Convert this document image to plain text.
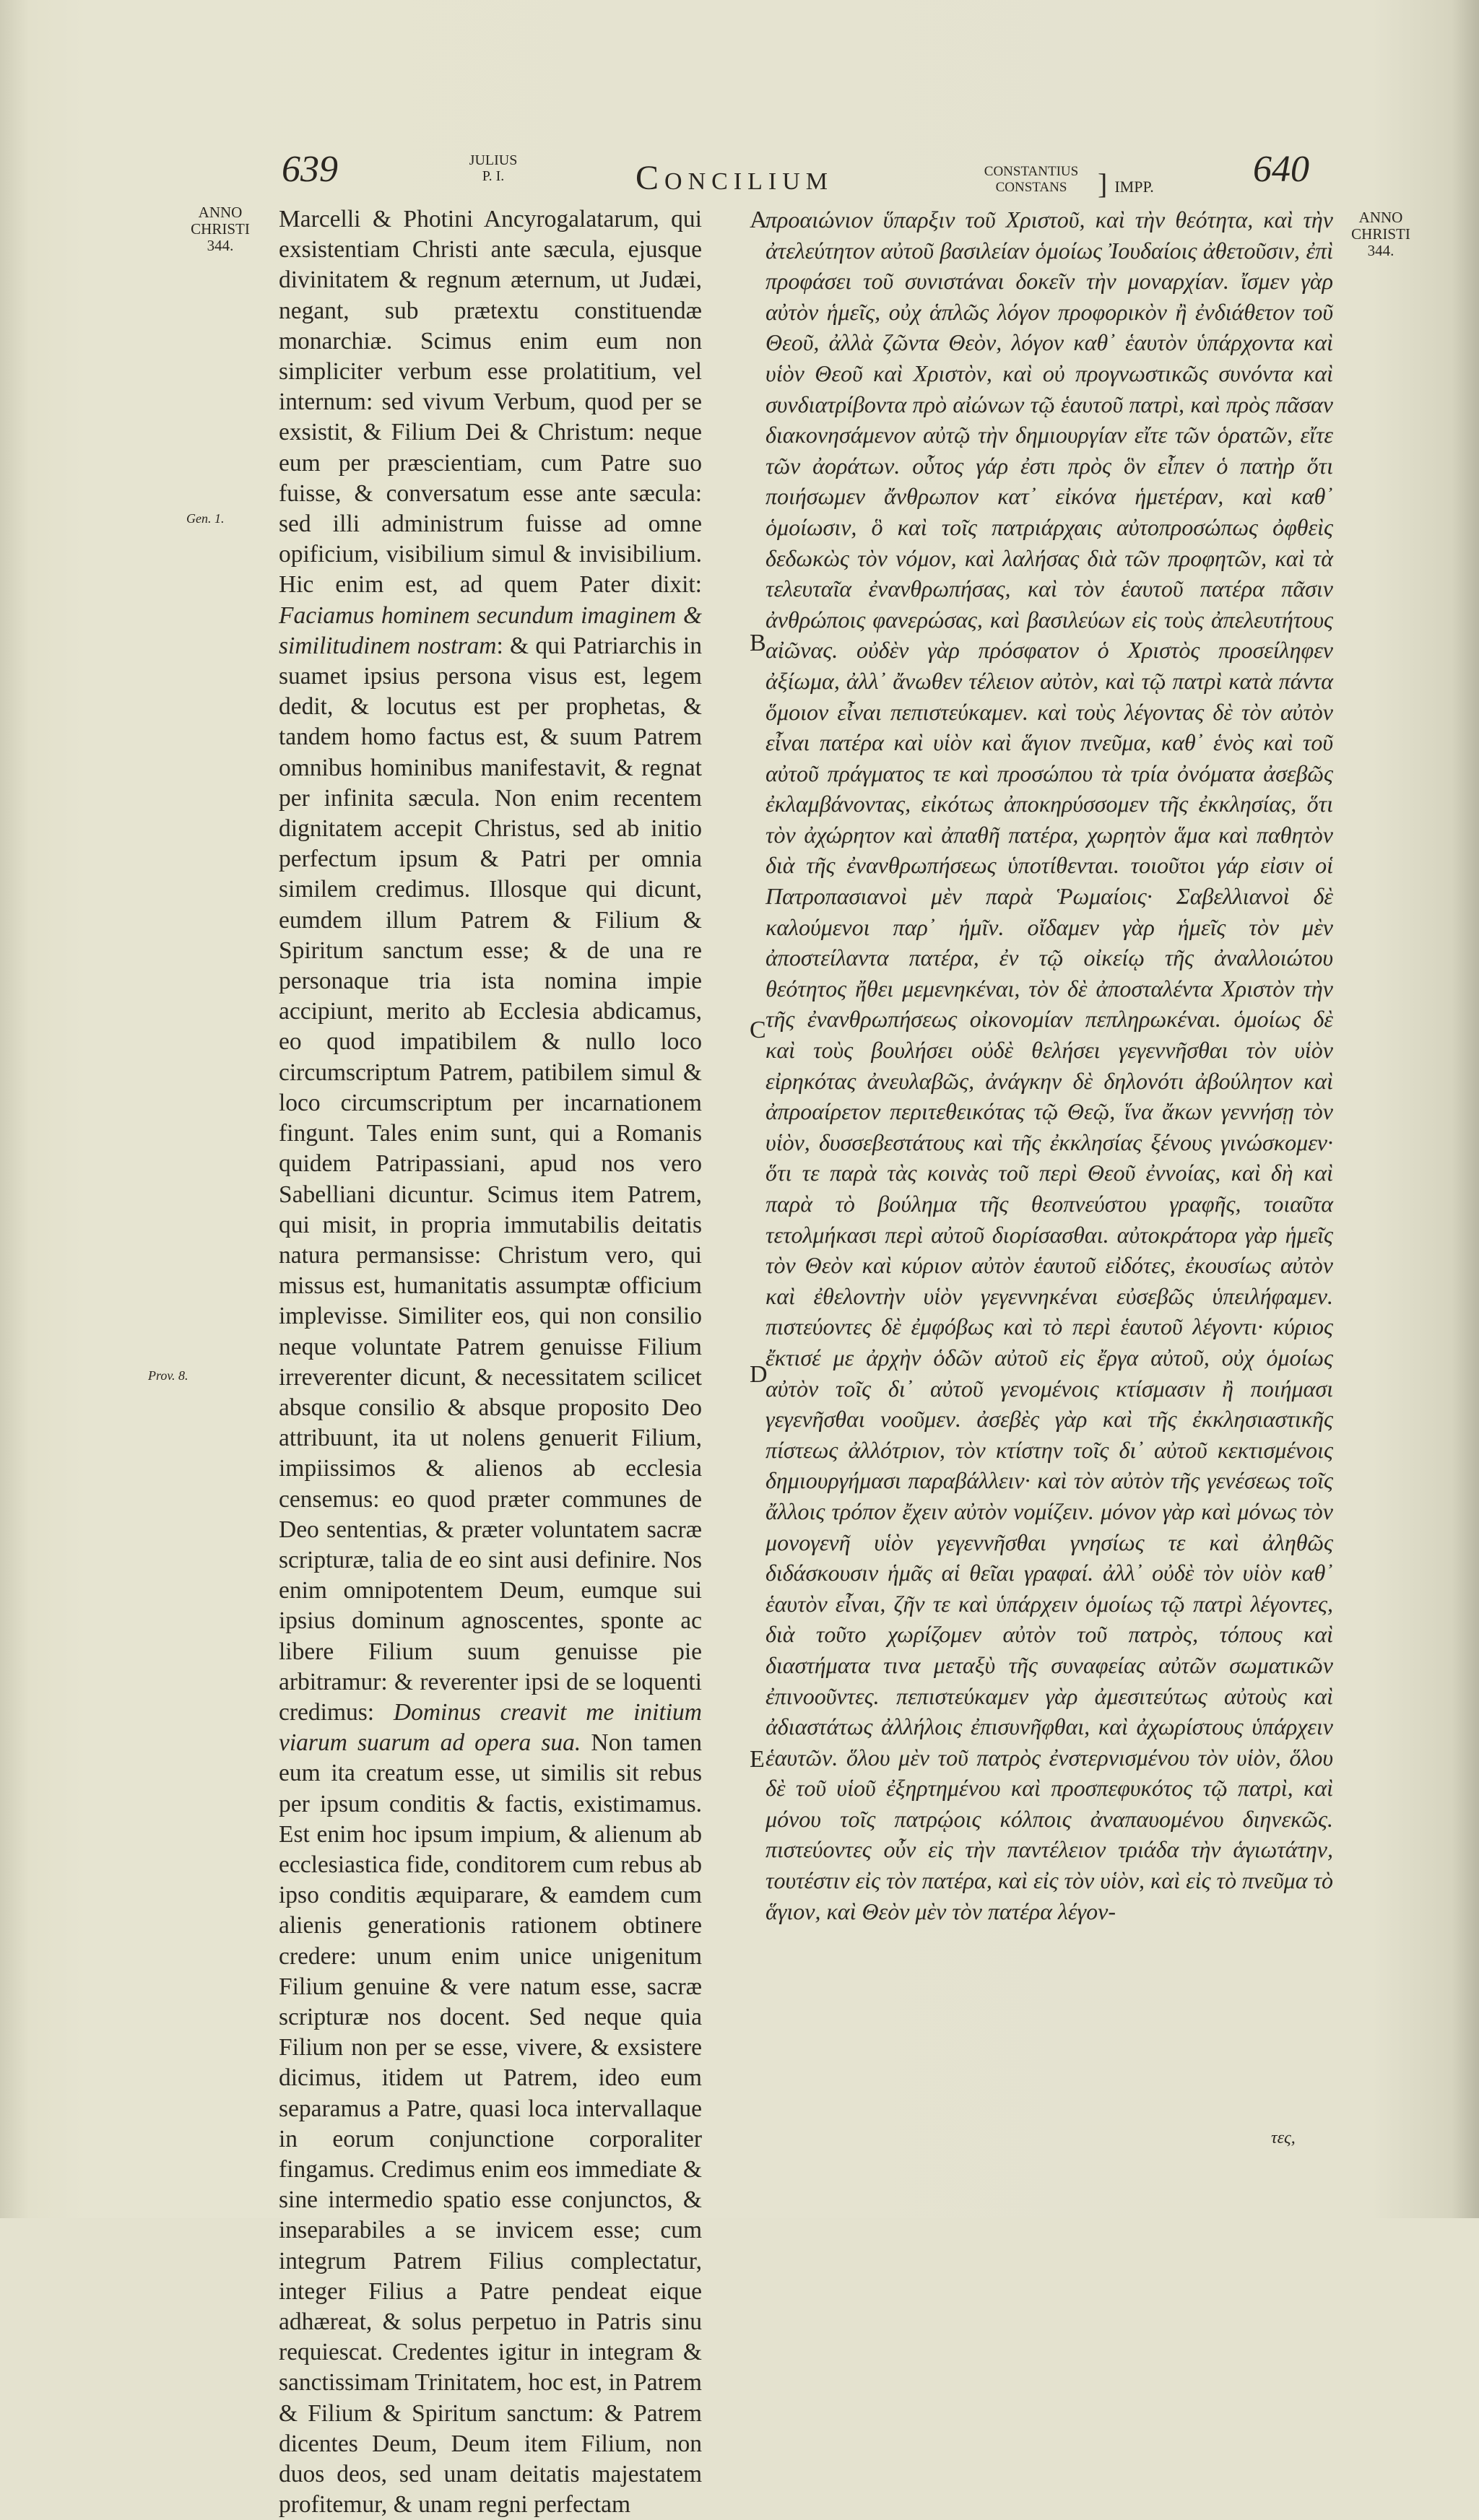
639	JULIUS
P. I.	Concilium	CONSTANTIUS
CONSTANS	] IMPP.	640
ANNO CHRISTI 344.
ANNO CHRISTI 344.
Gen. 1.
Prov. 8.

Marcelli & Photini Ancyrogalatarum, qui exsistentiam Christi ante sæcula, ejusque divinitatem & regnum æternum, ut Judæi, negant, sub prætextu constituendæ monarchiæ. Scimus enim eum non simpliciter verbum esse prolatitium, vel internum: sed vivum Verbum, quod per se exsistit, & Filium Dei & Christum: neque eum per præscientiam, cum Patre suo fuisse, & conversatum esse ante sæcula: sed illi administrum fuisse ad omne opificium, visibilium simul & invisibilium. Hic enim est, ad quem Pater dixit: Faciamus hominem secundum imaginem & similitudinem nostram: & qui Patriarchis in suamet ipsius persona visus est, legem dedit, & locutus est per prophetas, & tandem homo factus est, & suum Patrem omnibus hominibus manifestavit, & regnat per infinita sæcula. Non enim recentem dignitatem accepit Christus, sed ab initio perfectum ipsum & Patri per omnia similem credimus. Illosque qui dicunt, eumdem illum Patrem & Filium & Spiritum sanctum esse; & de una re personaque tria ista nomina impie accipiunt, merito ab Ecclesia abdicamus, eo quod impatibilem & nullo loco circumscriptum Patrem, patibilem simul & loco circumscriptum per incarnationem fingunt. Tales enim sunt, qui a Romanis quidem Patripassiani, apud nos vero Sabelliani dicuntur. Scimus item Patrem, qui misit, in propria immutabilis deitatis natura permansisse: Christum vero, qui missus est, humanitatis assumptæ officium implevisse. Similiter eos, qui non consilio neque voluntate Patrem genuisse Filium irreverenter dicunt, & necessitatem scilicet absque consilio & absque proposito Deo attribuunt, ita ut nolens genuerit Filium, impiissimos & alienos ab ecclesia censemus: eo quod præter communes de Deo sententias, & præter voluntatem sacræ scripturæ, talia de eo sint ausi definire. Nos enim omnipotentem Deum, eumque sui ipsius dominum agnoscentes, sponte ac libere Filium suum genuisse pie arbitramur: & reverenter ipsi de se loquenti credimus: Dominus creavit me initium viarum suarum ad opera sua. Non tamen eum ita creatum esse, ut similis sit rebus per ipsum conditis & factis, existimamus. Est enim hoc ipsum impium, & alienum ab ecclesiastica fide, conditorem cum rebus ab ipso conditis æquiparare, & eamdem cum alienis generationis rationem obtinere credere: unum enim unice unigenitum Filium genuine & vere natum esse, sacræ scripturæ nos docent. Sed neque quia Filium non per se esse, vivere, & exsistere dicimus, itidem ut Patrem, ideo eum separamus a Patre, quasi loca intervallaque in eorum conjunctione corporaliter fingamus. Credimus enim eos immediate & sine intermedio spatio esse conjunctos, & inseparabiles a se invicem esse; cum integrum Patrem Filius complectatur, integer Filius a Patre pendeat eique adhæreat, & solus perpetuo in Patris sinu requiescat. Credentes igitur in integram & sanctissimam Trinitatem, hoc est, in Patrem & Filium & Spiritum sanctum: & Patrem dicentes Deum, Deum item Filium, non duos deos, sed unam deitatis majestatem profitemur, & unam regni perfectam

A
B
C
D
E

προαιώνιον ὕπαρξιν τοῦ Χριστοῦ, καὶ τὴν θεότητα, καὶ τὴν ἀτελεύτητον αὐτοῦ βασιλείαν ὁμοίως Ἰουδαίοις ἀθετοῦσιν, ἐπὶ προφάσει τοῦ συνιστάναι δοκεῖν τὴν μοναρχίαν. ἴσμεν γὰρ αὐτὸν ἡμεῖς, οὐχ ἁπλῶς λόγον προφορικὸν ἢ ἐνδιάθετον τοῦ Θεοῦ, ἀλλὰ ζῶντα Θεὸν, λόγον καθ᾿ ἑαυτὸν ὑπάρχοντα καὶ υἱὸν Θεοῦ καὶ Χριστὸν, καὶ οὐ προγνωστικῶς συνόντα καὶ συνδιατρίβοντα πρὸ αἰώνων τῷ ἑαυτοῦ πατρὶ, καὶ πρὸς πᾶσαν διακονησάμενον αὐτῷ τὴν δημιουργίαν εἴτε τῶν ὁρατῶν, εἴτε τῶν ἀοράτων. οὗτος γάρ ἐστι πρὸς ὃν εἶπεν ὁ πατὴρ ὅτι ποιήσωμεν ἄνθρωπον κατ᾿ εἰκόνα ἡμετέραν, καὶ καθ᾿ ὁμοίωσιν, ὃ καὶ τοῖς πατριάρχαις αὐτοπροσώπως ὀφθεὶς δεδωκὼς τὸν νόμον, καὶ λαλήσας διὰ τῶν προφητῶν, καὶ τὰ τελευταῖα ἐνανθρωπήσας, καὶ τὸν ἑαυτοῦ πατέρα πᾶσιν ἀνθρώποις φανερώσας, καὶ βασιλεύων εἰς τοὺς ἀπελευτήτους αἰῶνας. οὐδὲν γὰρ πρόσφατον ὁ Χριστὸς προσείληφεν ἀξίωμα, ἀλλ᾿ ἄνωθεν τέλειον αὐτὸν, καὶ τῷ πατρὶ κατὰ πάντα ὅμοιον εἶναι πεπιστεύκαμεν. καὶ τοὺς λέγοντας δὲ τὸν αὐτὸν εἶναι πατέρα καὶ υἱὸν καὶ ἅγιον πνεῦμα, καθ᾿ ἑνὸς καὶ τοῦ αὐτοῦ πράγματος τε καὶ προσώπου τὰ τρία ὀνόματα ἀσεβῶς ἐκλαμβάνοντας, εἰκότως ἀποκηρύσσομεν τῆς ἐκκλησίας, ὅτι τὸν ἀχώρητον καὶ ἀπαθῆ πατέρα, χωρητὸν ἅμα καὶ παθητὸν διὰ τῆς ἐνανθρωπήσεως ὑποτίθενται. τοιοῦτοι γάρ εἰσιν οἱ Πατροπασιανοὶ μὲν παρὰ Ῥωμαίοις· Σαβελλιανοὶ δὲ καλούμενοι παρ᾿ ἡμῖν. οἴδαμεν γὰρ ἡμεῖς τὸν μὲν ἀποστείλαντα πατέρα, ἐν τῷ οἰκείῳ τῆς ἀναλλοιώτου θεότητος ἤθει μεμενηκέναι, τὸν δὲ ἀποσταλέντα Χριστὸν τὴν τῆς ἐνανθρωπήσεως οἰκονομίαν πεπληρωκέναι. ὁμοίως δὲ καὶ τοὺς βουλήσει οὐδὲ θελήσει γεγεννῆσθαι τὸν υἱὸν εἰρηκότας ἀνευλαβῶς, ἀνάγκην δὲ δηλονότι ἀβούλητον καὶ ἀπροαίρετον περιτεθεικότας τῷ Θεῷ, ἵνα ἄκων γεννήσῃ τὸν υἱὸν, δυσσεβεστάτους καὶ τῆς ἐκκλησίας ξένους γινώσκομεν· ὅτι τε παρὰ τὰς κοινὰς τοῦ περὶ Θεοῦ ἐννοίας, καὶ δὴ καὶ παρὰ τὸ βούλημα τῆς θεοπνεύστου γραφῆς, τοιαῦτα τετολμήκασι περὶ αὐτοῦ διορίσασθαι. αὐτοκράτορα γὰρ ἡμεῖς τὸν Θεὸν καὶ κύριον αὐτὸν ἑαυτοῦ εἰδότες, ἐκουσίως αὐτὸν καὶ ἐθελοντὴν υἱὸν γεγεννηκέναι εὐσεβῶς ὑπειλήφαμεν. πιστεύοντες δὲ ἐμφόβως καὶ τὸ περὶ ἑαυτοῦ λέγοντι· κύριος ἔκτισέ με ἀρχὴν ὁδῶν αὐτοῦ εἰς ἔργα αὐτοῦ, οὐχ ὁμοίως αὐτὸν τοῖς δι᾿ αὐτοῦ γενομένοις κτίσμασιν ἢ ποιήμασι γεγενῆσθαι νοοῦμεν. ἀσεβὲς γὰρ καὶ τῆς ἐκκλησιαστικῆς πίστεως ἀλλότριον, τὸν κτίστην τοῖς δι᾿ αὐτοῦ κεκτισμένοις δημιουργήμασι παραβάλλειν· καὶ τὸν αὐτὸν τῆς γενέσεως τοῖς ἄλλοις τρόπον ἔχειν αὐτὸν νομίζειν. μόνον γὰρ καὶ μόνως τὸν μονογενῆ υἱὸν γεγεννῆσθαι γνησίως τε καὶ ἀληθῶς διδάσκουσιν ἡμᾶς αἱ θεῖαι γραφαί. ἀλλ᾿ οὐδὲ τὸν υἱὸν καθ᾿ ἑαυτὸν εἶναι, ζῆν τε καὶ ὑπάρχειν ὁμοίως τῷ πατρὶ λέγοντες, διὰ τοῦτο χωρίζομεν αὐτὸν τοῦ πατρὸς, τόπους καὶ διαστήματα τινα μεταξὺ τῆς συναφείας αὐτῶν σωματικῶν ἐπινοοῦντες. πεπιστεύκαμεν γὰρ ἀμεσιτεύτως αὐτοὺς καὶ ἀδιαστάτως ἀλλήλοις ἐπισυνῆφθαι, καὶ ἀχωρίστους ὑπάρχειν ἑαυτῶν. ὅλου μὲν τοῦ πατρὸς ἐνστερνισμένου τὸν υἱὸν, ὅλου δὲ τοῦ υἱοῦ ἐξηρτημένου καὶ προσπεφυκότος τῷ πατρὶ, καὶ μόνου τοῖς πατρῴοις κόλποις ἀναπαυομένου διηνεκῶς. πιστεύοντες οὖν εἰς τὴν παντέλειον τριάδα τὴν ἁγιωτάτην, τουτέστιν εἰς τὸν πατέρα, καὶ εἰς τὸν υἱὸν, καὶ εἰς τὸ πνεῦμα τὸ ἅγιον, καὶ Θεὸν μὲν τὸν πατέρα λέγον-

τες,
